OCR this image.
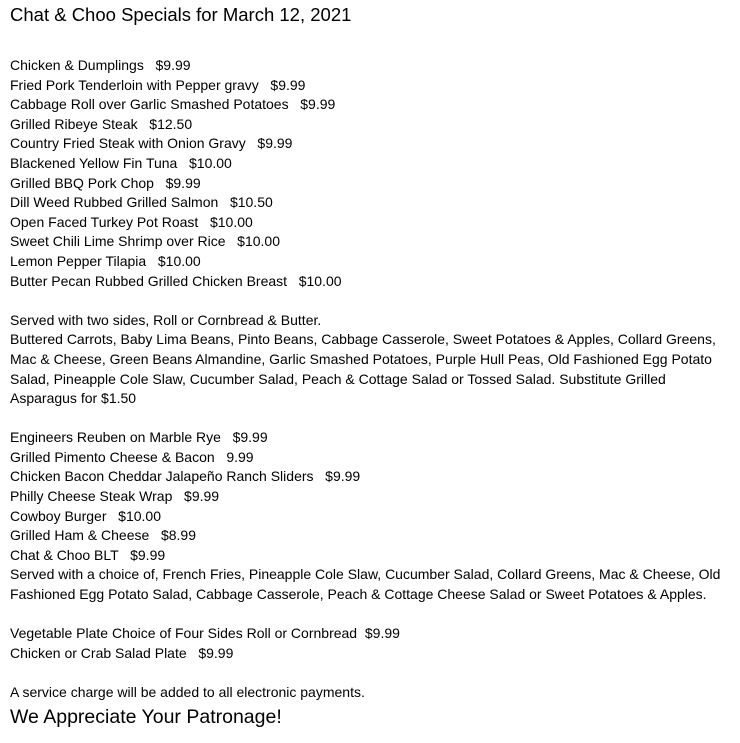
Chat & Choo Specials for March 12, 2021
Chicken & Dumplings   $9.99
Fried Pork Tenderloin with Pepper gravy   $9.99
Cabbage Roll over Garlic Smashed Potatoes   $9.99
Grilled Ribeye Steak   $12.50
Country Fried Steak with Onion Gravy   $9.99
Blackened Yellow Fin Tuna   $10.00
Grilled BBQ Pork Chop   $9.99
Dill Weed Rubbed Grilled Salmon   $10.50
Open Faced Turkey Pot Roast   $10.00
Sweet Chili Lime Shrimp over Rice   $10.00
Lemon Pepper Tilapia   $10.00
Butter Pecan Rubbed Grilled Chicken Breast   $10.00

Served with two sides, Roll or Cornbread & Butter.

Buttered Carrots, Baby Lima Beans, Pinto Beans, Cabbage Casserole, Sweet Potatoes & Apples, Collard Greens, Mac & Cheese, Green Beans Almandine, Garlic Smashed Potatoes, Purple Hull Peas, Old Fashioned Egg Potato Salad, Pineapple Cole Slaw, Cucumber Salad, Peach & Cottage Salad or Tossed Salad. Substitute Grilled Asparagus for $1.50

Engineers Reuben on Marble Rye   $9.99
Grilled Pimento Cheese & Bacon   9.99
Chicken Bacon Cheddar Jalapeño Ranch Sliders   $9.99
Philly Cheese Steak Wrap   $9.99
Cowboy Burger   $10.00
Grilled Ham & Cheese   $8.99
Chat & Choo BLT   $9.99

Served with a choice of, French Fries, Pineapple Cole Slaw, Cucumber Salad, Collard Greens, Mac & Cheese, Old Fashioned Egg Potato Salad, Cabbage Casserole, Peach & Cottage Cheese Salad or Sweet Potatoes & Apples.

Vegetable Plate Choice of Four Sides Roll or Cornbread  $9.99
Chicken or Crab Salad Plate   $9.99

A service charge will be added to all electronic payments.

We Appreciate Your Patronage!
